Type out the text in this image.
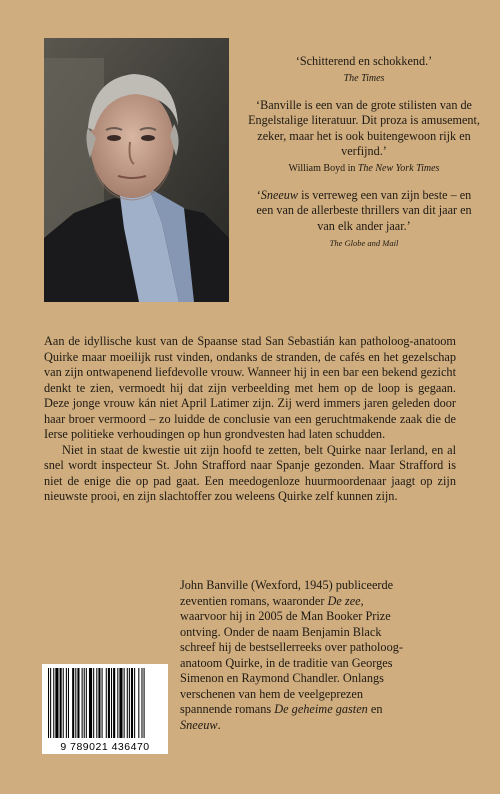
‘Schitterend en schokkend.’
The Times
‘Banville is een van de grote stilisten van de Engelstalige literatuur. Dit proza is amusement, zeker, maar het is ook buitengewoon rijk en verfijnd.’
William Boyd in The New York Times
‘Sneeuw is verreweg een van zijn beste – en een van de allerbeste thrillers van dit jaar en van elk ander jaar.’
The Globe and Mail

Aan de idyllische kust van de Spaanse stad San Sebastián kan patholoog-anatoom Quirke maar moeilijk rust vinden, ondanks de stranden, de cafés en het gezelschap van zijn ontwapenend liefdevolle vrouw. Wanneer hij in een bar een bekend gezicht denkt te zien, vermoedt hij dat zijn verbeelding met hem op de loop is gegaan. Deze jonge vrouw kán niet April Latimer zijn. Zij werd immers jaren geleden door haar broer vermoord – zo luidde de conclusie van een geruchtmakende zaak die de Ierse politieke verhoudingen op hun grondvesten had laten schudden.

Niet in staat de kwestie uit zijn hoofd te zetten, belt Quirke naar Ierland, en al snel wordt inspecteur St. John Strafford naar Spanje gezonden. Maar Strafford is niet de enige die op pad gaat. Een meedogenloze huurmoordenaar jaagt op zijn nieuwste prooi, en zijn slachtoffer zou weleens Quirke zelf kunnen zijn.

John Banville (Wexford, 1945) publiceerde zeventien romans, waaronder De zee, waarvoor hij in 2005 de Man Booker Prize ontving. Onder de naam Benjamin Black schreef hij de bestsellerreeks over patholoog-anatoom Quirke, in de traditie van Georges Simenon en Raymond Chandler. Onlangs verschenen van hem de veelgeprezen spannende romans De geheime gasten en Sneeuw.
9 789021 436470
